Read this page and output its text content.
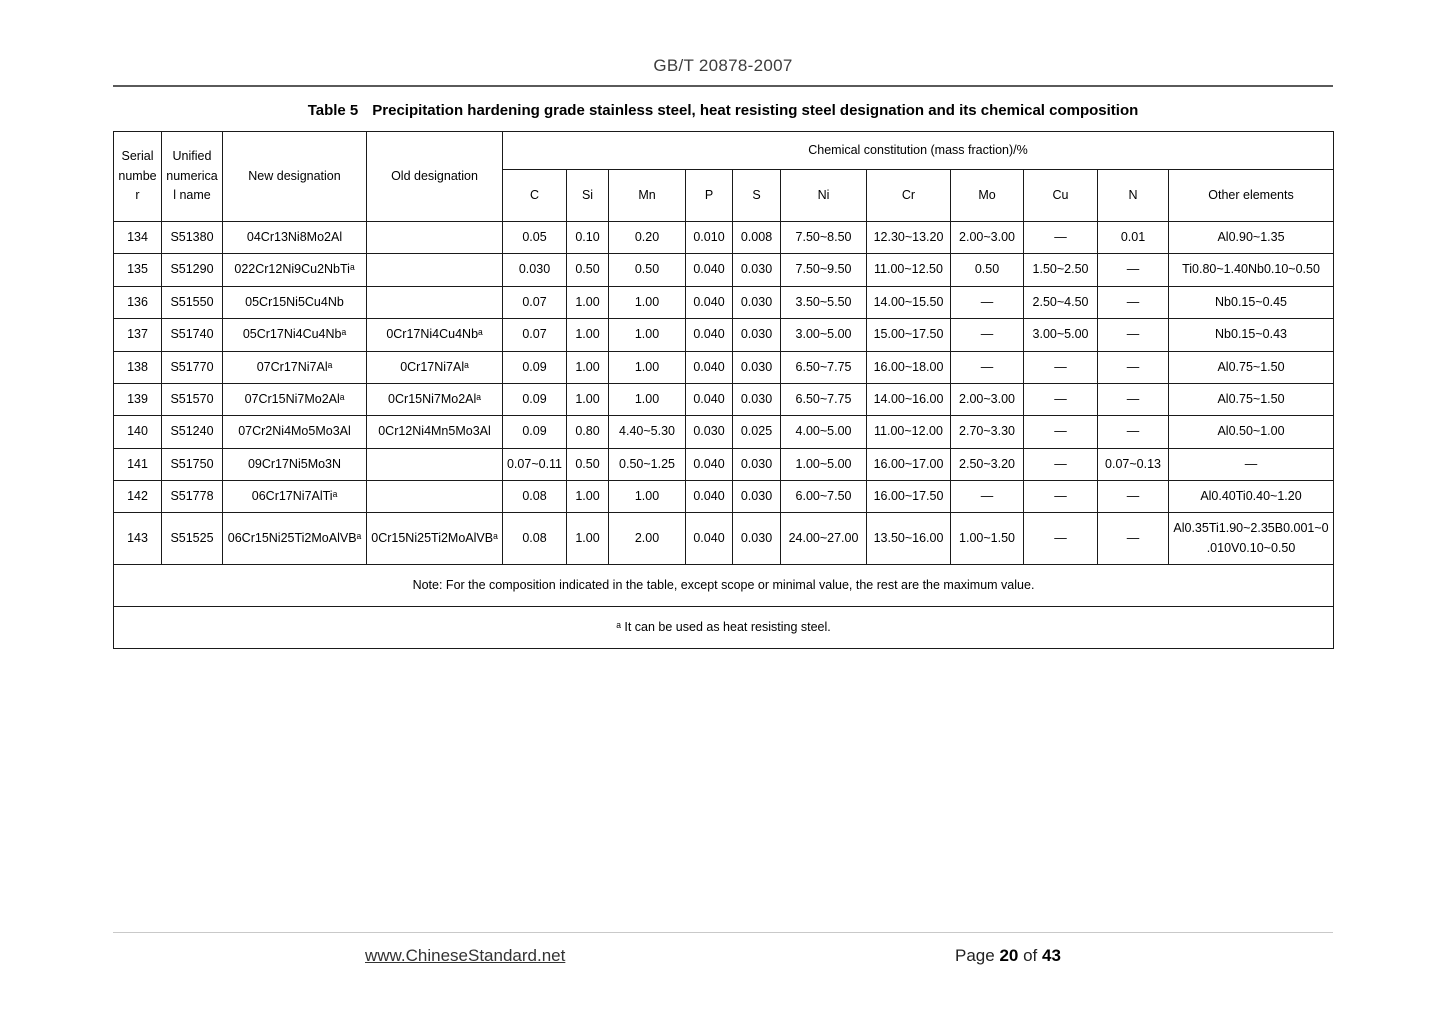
GB/T 20878-2007
Table 5 Precipitation hardening grade stainless steel, heat resisting steel designation and its chemical composition
Serial number	Unified numerical name	New designation	Old designation	Chemical constitution (mass fraction)/%										
				C	Si	Mn	P	S	Ni	Cr	Mo	Cu	N	Other elements
134	S51380	04Cr13Ni8Mo2Al		0.05	0.10	0.20	0.010	0.008	7.50~8.50	12.30~13.20	2.00~3.00	—	0.01	Al0.90~1.35
135	S51290	022Cr12Ni9Cu2NbTiᵃ		0.030	0.50	0.50	0.040	0.030	7.50~9.50	11.00~12.50	0.50	1.50~2.50	—	Ti0.80~1.40Nb0.10~0.50
136	S51550	05Cr15Ni5Cu4Nb		0.07	1.00	1.00	0.040	0.030	3.50~5.50	14.00~15.50	—	2.50~4.50	—	Nb0.15~0.45
137	S51740	05Cr17Ni4Cu4Nbᵃ	0Cr17Ni4Cu4Nbᵃ	0.07	1.00	1.00	0.040	0.030	3.00~5.00	15.00~17.50	—	3.00~5.00	—	Nb0.15~0.43
138	S51770	07Cr17Ni7Alᵃ	0Cr17Ni7Alᵃ	0.09	1.00	1.00	0.040	0.030	6.50~7.75	16.00~18.00	—	—	—	Al0.75~1.50
139	S51570	07Cr15Ni7Mo2Alᵃ	0Cr15Ni7Mo2Alᵃ	0.09	1.00	1.00	0.040	0.030	6.50~7.75	14.00~16.00	2.00~3.00	—	—	Al0.75~1.50
140	S51240	07Cr2Ni4Mo5Mo3Al	0Cr12Ni4Mn5Mo3Al	0.09	0.80	4.40~5.30	0.030	0.025	4.00~5.00	11.00~12.00	2.70~3.30	—	—	Al0.50~1.00
141	S51750	09Cr17Ni5Mo3N		0.07~0.11	0.50	0.50~1.25	0.040	0.030	1.00~5.00	16.00~17.00	2.50~3.20	—	0.07~0.13	—
142	S51778	06Cr17Ni7AlTiᵃ		0.08	1.00	1.00	0.040	0.030	6.00~7.50	16.00~17.50	—	—	—	Al0.40Ti0.40~1.20
143	S51525	06Cr15Ni25Ti2MoAlVBᵃ	0Cr15Ni25Ti2MoAlVBᵃ	0.08	1.00	2.00	0.040	0.030	24.00~27.00	13.50~16.00	1.00~1.50	—	—	Al0.35Ti1.90~2.35B0.001~0.010V0.10~0.50
Note: For the composition indicated in the table, except scope or minimal value, the rest are the maximum value.														
ᵃ It can be used as heat resisting steel.														
www.ChineseStandard.net	Page 20 of 43
